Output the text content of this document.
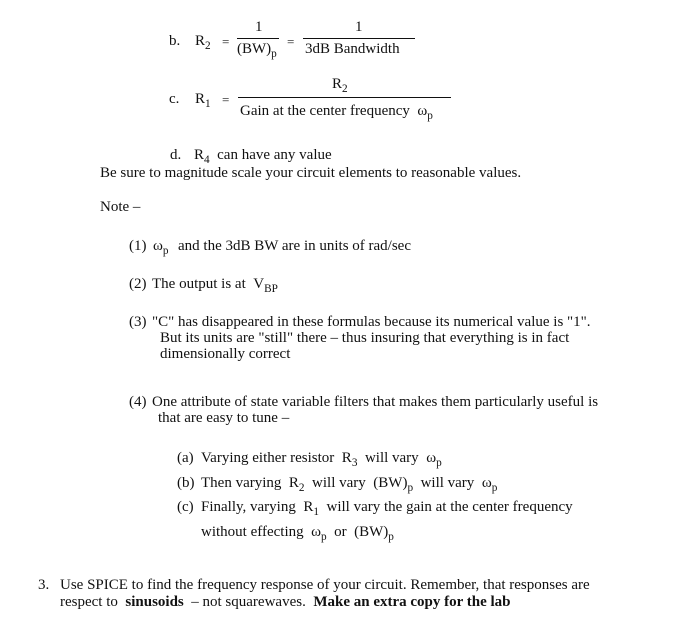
b. $R_2$ =
1
$(BW)_p$
=
1
3dB Bandwidth
c. $R_1$ =
$R_2$
Gain at the center frequency $\omega_p$
d. $R_4$ can have any value
Be sure to magnitude scale your circuit elements to reasonable values.
Note –
(1) $\omega_p$ and the 3dB BW are in units of rad/sec
(2) The output is at $V_{BP}$
(3) "C" has disappeared in these formulas because its numerical value is "1".
But its units are "still" there – thus insuring that everything is in fact
dimensionally correct
(4) One attribute of state variable filters that makes them particularly useful is
that are easy to tune –
(a) Varying either resistor $R_3$ will vary $\omega_p$
(b) Then varying $R_2$ will vary $(BW)_p$ will vary $\omega_p$
(c) Finally, varying $R_1$ will vary the gain at the center frequency
without effecting $\omega_p$ or $(BW)_p$
3. Use SPICE to find the frequency response of your circuit. Remember, that responses are
respect to sinusoids – not squarewaves. Make an extra copy for the lab
